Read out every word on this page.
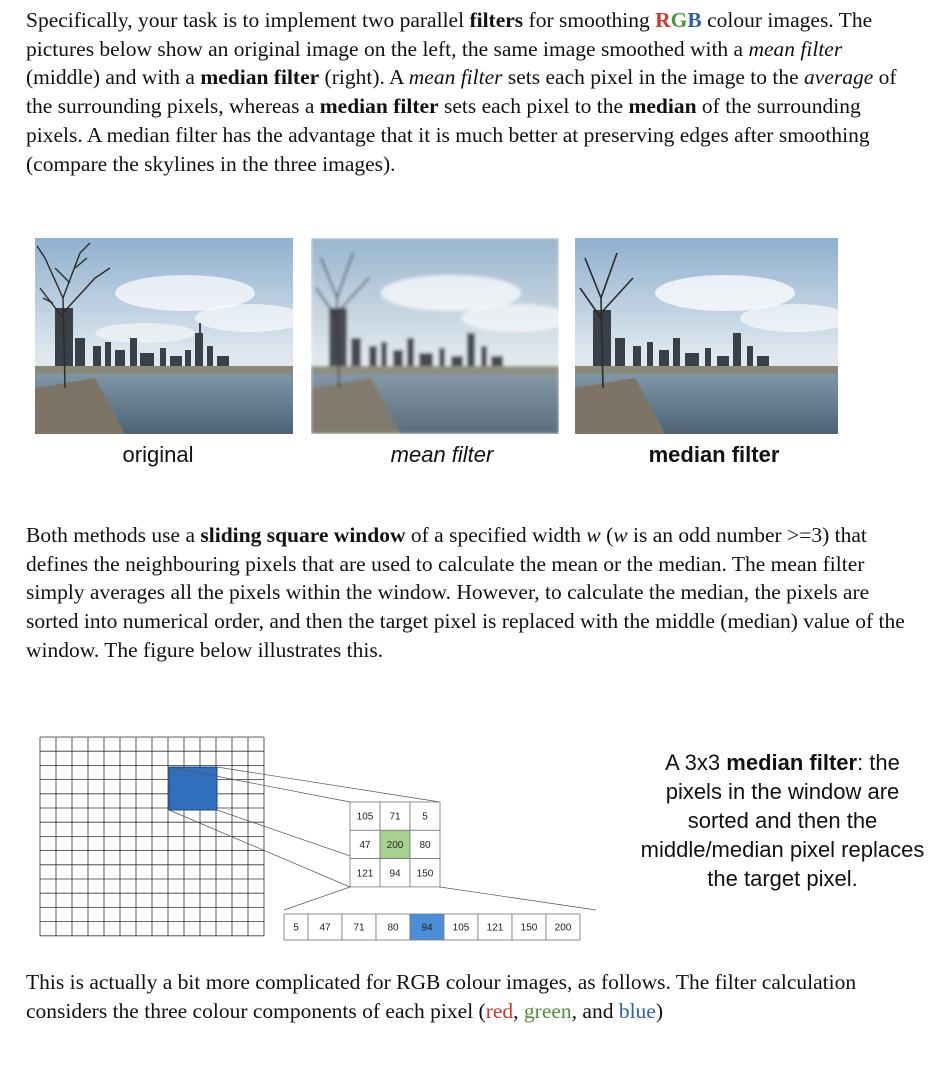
Specifically, your task is to implement two parallel filters for smoothing RGB colour images. The pictures below show an original image on the left, the same image smoothed with a mean filter (middle) and with a median filter (right). A mean filter sets each pixel in the image to the average of the surrounding pixels, whereas a median filter sets each pixel to the median of the surrounding pixels. A median filter has the advantage that it is much better at preserving edges after smoothing (compare the skylines in the three images).

original	mean filter	median filter

Both methods use a sliding square window of a specified width w (w is an odd number >=3) that defines the neighbouring pixels that are used to calculate the mean or the median. The mean filter simply averages all the pixels within the window. However, to calculate the median, the pixels are sorted into numerical order, and then the target pixel is replaced with the middle (median) value of the window. The figure below illustrates this.

105 71 5
47 200 80
121 94 150
5 47 71 80 94 105 121 150 200
A 3x3 median filter: the pixels in the window are sorted and then the middle/median pixel replaces the target pixel.

This is actually a bit more complicated for RGB colour images, as follows. The filter calculation considers the three colour components of each pixel (red, green, and blue)
